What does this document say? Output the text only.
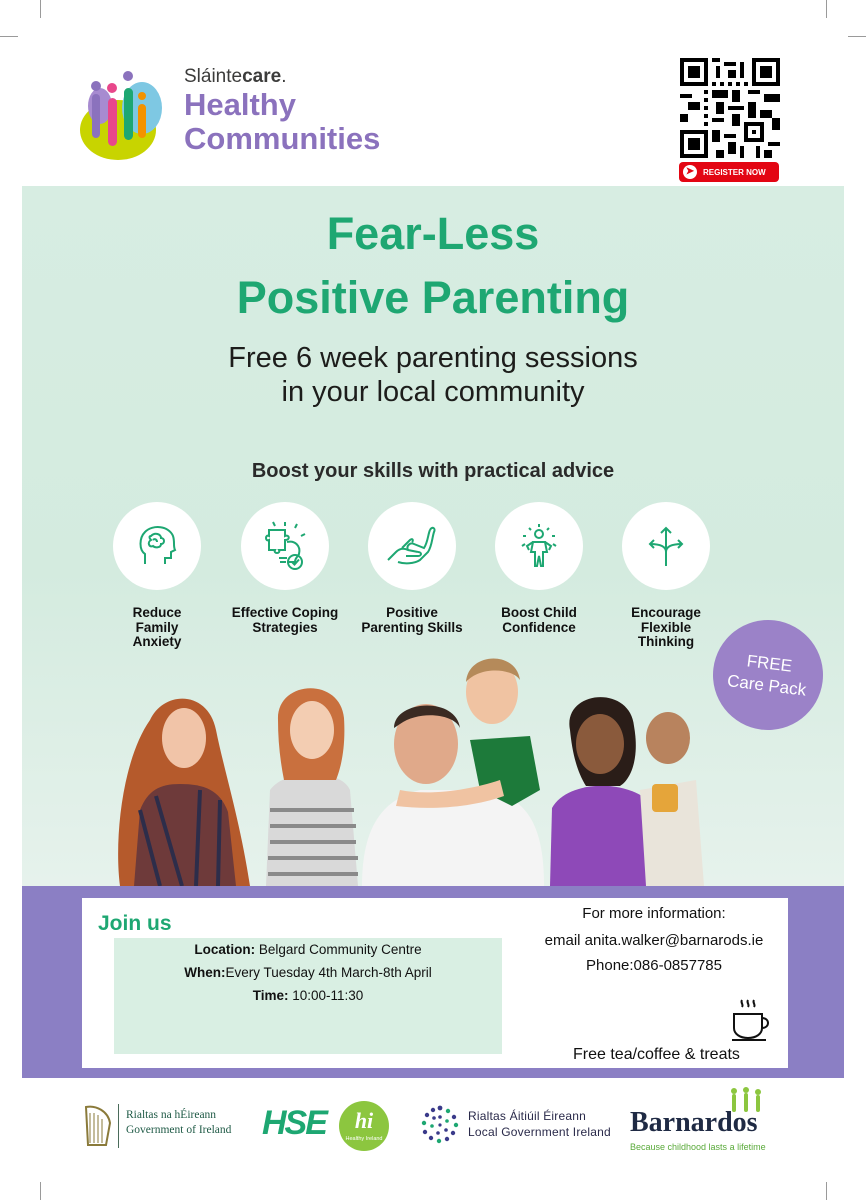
Sláintecare.
Healthy
Communities
➤	REGISTER NOW
Fear-Less
Positive Parenting
Free 6 week parenting sessions
in your local community
Boost your skills with practical advice
Reduce
Family
Anxiety
Effective Coping
Strategies
Positive
Parenting Skills
Boost Child
Confidence
Encourage
Flexible
Thinking
FREE
Care Pack
Join us
Location: Belgard Community Centre
When:Every Tuesday 4th March-8th April
Time: 10:00-11:30
For more information:
email anita.walker@barnarods.ie
Phone:086-0857785
Free tea/coffee & treats
Rialtas na hÉireann
Government of Ireland HSE hi
Healthy Ireland
Rialtas Áitiúil Éireann
Local Government Ireland Barnardos
Because childhood lasts a lifetime
